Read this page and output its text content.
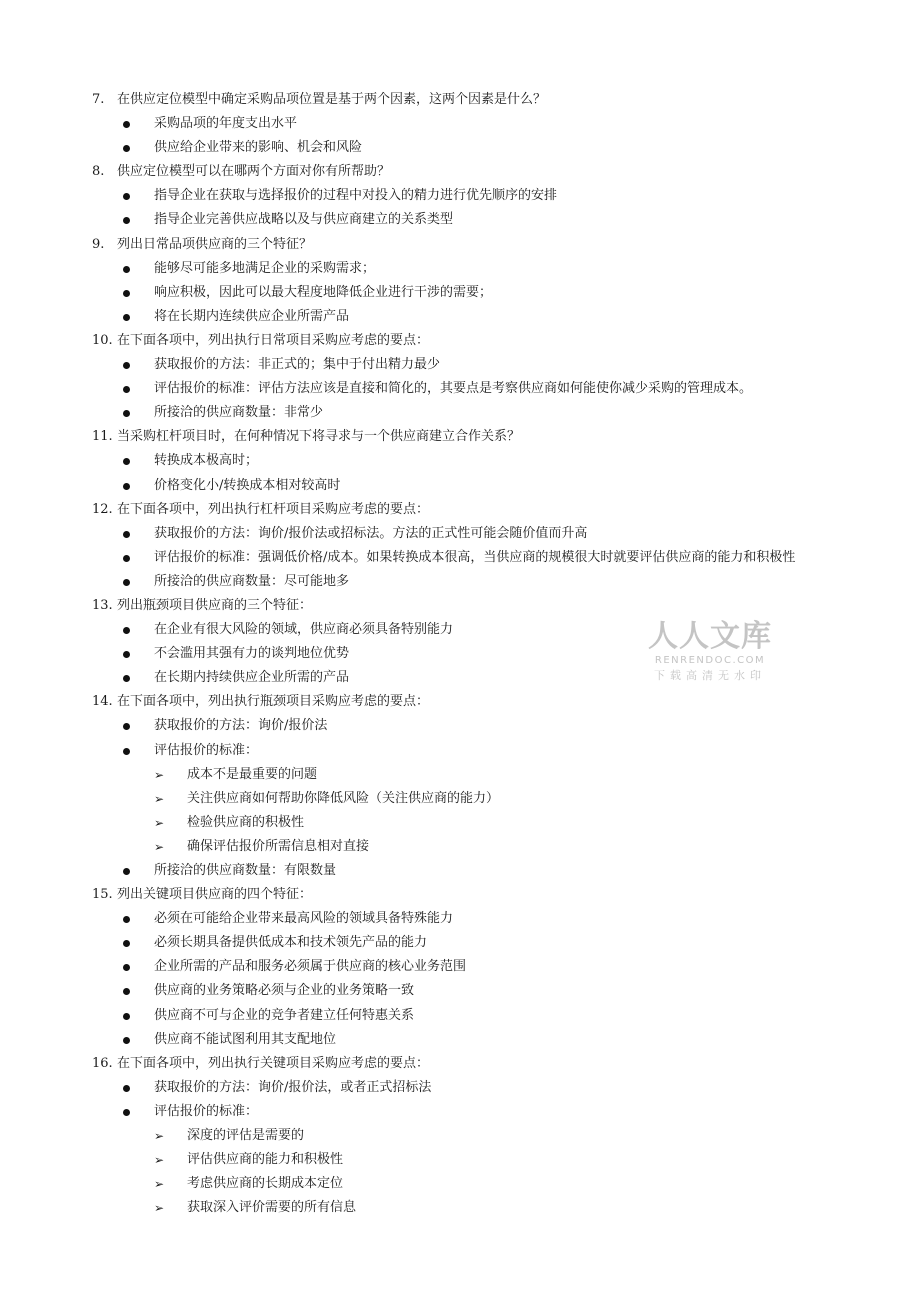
7. 在供应定位模型中确定采购品项位置是基于两个因素，这两个因素是什么？
采购品项的年度支出水平
供应给企业带来的影响、机会和风险
8. 供应定位模型可以在哪两个方面对你有所帮助？
指导企业在获取与选择报价的过程中对投入的精力进行优先顺序的安排
指导企业完善供应战略以及与供应商建立的关系类型
9. 列出日常品项供应商的三个特征？
能够尽可能多地满足企业的采购需求；
响应积极，因此可以最大程度地降低企业进行干涉的需要；
将在长期内连续供应企业所需产品
10. 在下面各项中，列出执行日常项目采购应考虑的要点：
获取报价的方法：非正式的；集中于付出精力最少
评估报价的标准：评估方法应该是直接和简化的，其要点是考察供应商如何能使你减少采购的管理成本。
所接洽的供应商数量：非常少
11. 当采购杠杆项目时，在何种情况下将寻求与一个供应商建立合作关系？
转换成本极高时；
价格变化小/转换成本相对较高时
12. 在下面各项中，列出执行杠杆项目采购应考虑的要点：
获取报价的方法：询价/报价法或招标法。方法的正式性可能会随价值而升高
评估报价的标准：强调低价格/成本。如果转换成本很高，当供应商的规模很大时就要评估供应商的能力和积极性
所接洽的供应商数量：尽可能地多
13. 列出瓶颈项目供应商的三个特征：
在企业有很大风险的领域，供应商必须具备特别能力
不会滥用其强有力的谈判地位优势
在长期内持续供应企业所需的产品
14. 在下面各项中，列出执行瓶颈项目采购应考虑的要点：
获取报价的方法：询价/报价法
评估报价的标准：
➢ 成本不是最重要的问题
➢ 关注供应商如何帮助你降低风险（关注供应商的能力）
➢ 检验供应商的积极性
➢ 确保评估报价所需信息相对直接
所接洽的供应商数量：有限数量
15. 列出关键项目供应商的四个特征：
必须在可能给企业带来最高风险的领域具备特殊能力
必须长期具备提供低成本和技术领先产品的能力
企业所需的产品和服务必须属于供应商的核心业务范围
供应商的业务策略必须与企业的业务策略一致
供应商不可与企业的竞争者建立任何特惠关系
供应商不能试图利用其支配地位
16. 在下面各项中，列出执行关键项目采购应考虑的要点：
获取报价的方法：询价/报价法，或者正式招标法
评估报价的标准：
➢ 深度的评估是需要的
➢ 评估供应商的能力和积极性
➢ 考虑供应商的长期成本定位
➢ 获取深入评价需要的所有信息
人人文库
RENRENDOC.COM
下载高清无水印
